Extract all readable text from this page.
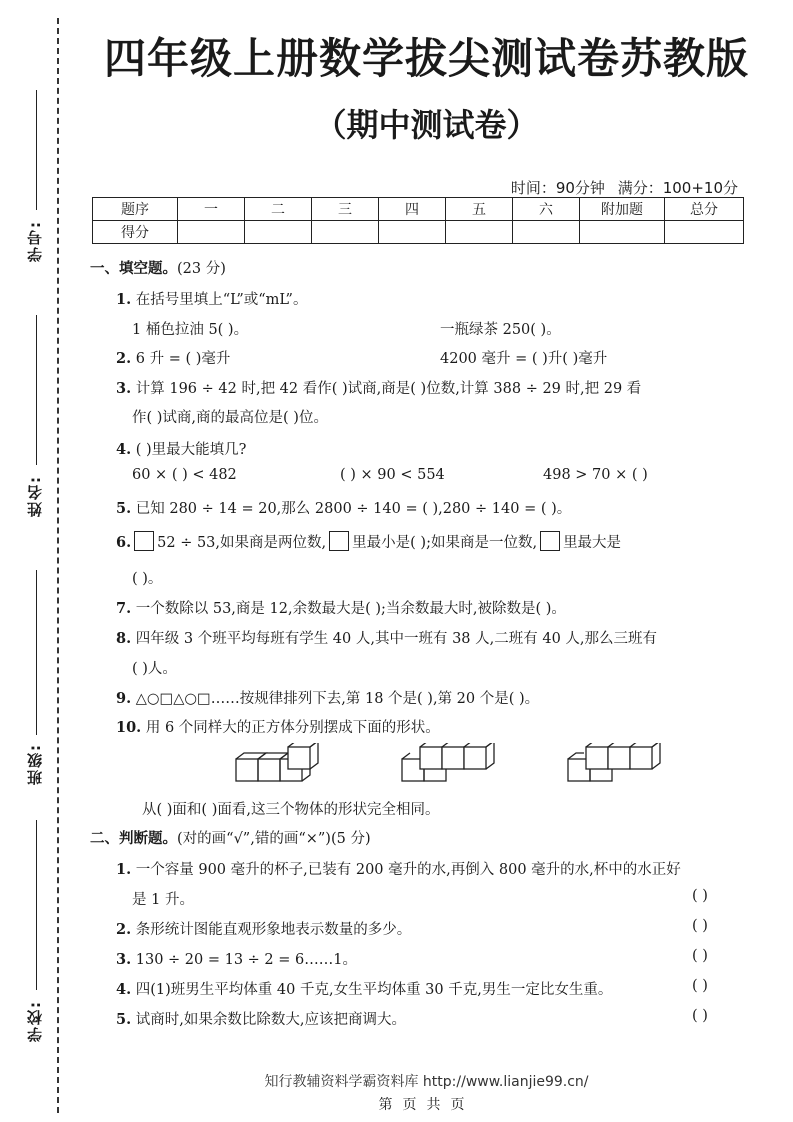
学号:
姓名:
班级:
学校:
四年级上册数学拔尖测试卷苏教版
（期中测试卷）
时间：90分钟 满分：100+10分
题序	一	二	三	四	五	六	附加题	总分
得分								
一、填空题。(23 分)
1. 在括号里填上“L”或“mL”。
1 桶色拉油 5( )。	一瓶绿茶 250( )。
2. 6 升 = ( )毫升	4200 毫升 = ( )升( )毫升
3. 计算 196 ÷ 42 时,把 42 看作( )试商,商是( )位数,计算 388 ÷ 29 时,把 29 看
作( )试商,商的最高位是( )位。
4. ( )里最大能填几?
60 × ( ) < 482	( ) × 90 < 554	498 > 70 × ( )
5. 已知 280 ÷ 14 = 20,那么 2800 ÷ 140 = ( ),280 ÷ 140 = ( )。
6. 52 ÷ 53,如果商是两位数, 里最小是( );如果商是一位数, 里最大是
( )。
7. 一个数除以 53,商是 12,余数最大是( );当余数最大时,被除数是( )。
8. 四年级 3 个班平均每班有学生 40 人,其中一班有 38 人,二班有 40 人,那么三班有
( )人。
9. △○□△○□……按规律排列下去,第 18 个是( ),第 20 个是( )。
10. 用 6 个同样大的正方体分别摆成下面的形状。
从( )面和( )面看,这三个物体的形状完全相同。
二、判断题。(对的画“√”,错的画“×”)(5 分)
1. 一个容量 900 毫升的杯子,已装有 200 毫升的水,再倒入 800 毫升的水,杯中的水正好
是 1 升。	( )
2. 条形统计图能直观形象地表示数量的多少。	( )
3. 130 ÷ 20 = 13 ÷ 2 = 6……1。	( )
4. 四(1)班男生平均体重 40 千克,女生平均体重 30 千克,男生一定比女生重。	( )
5. 试商时,如果余数比除数大,应该把商调大。	( )
知行教辅资料学霸资料库 http://www.lianjie99.cn/
第页共页
